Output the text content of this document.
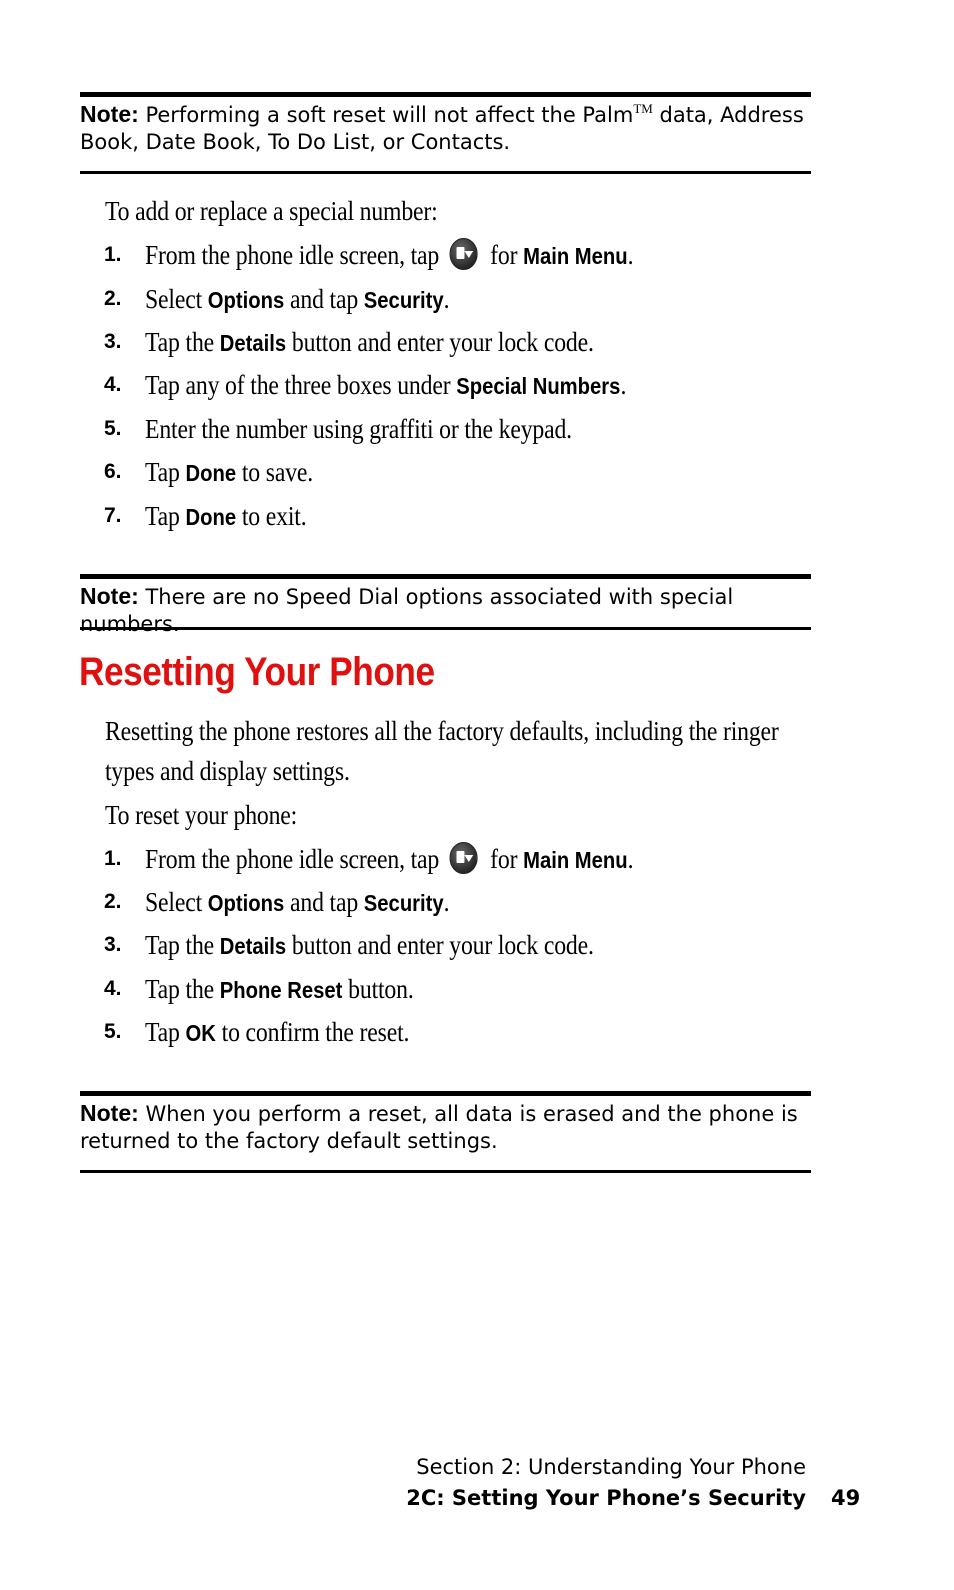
Note: Performing a soft reset will not affect the Palm™ data, Address Book, Date Book, To Do List, or Contacts.
To add or replace a special number:
1. From the phone idle screen, tap for Main Menu.
2. Select Options and tap Security.
3. Tap the Details button and enter your lock code.
4. Tap any of the three boxes under Special Numbers.
5. Enter the number using graffiti or the keypad.
6. Tap Done to save.
7. Tap Done to exit.
Note: There are no Speed Dial options associated with special numbers.
Resetting Your Phone
Resetting the phone restores all the factory defaults, including the ringer types and display settings.
To reset your phone:
1. From the phone idle screen, tap for Main Menu.
2. Select Options and tap Security.
3. Tap the Details button and enter your lock code.
4. Tap the Phone Reset button.
5. Tap OK to confirm the reset.
Note: When you perform a reset, all data is erased and the phone is returned to the factory default settings.
Section 2: Understanding Your Phone
2C: Setting Your Phone’s Security 49
